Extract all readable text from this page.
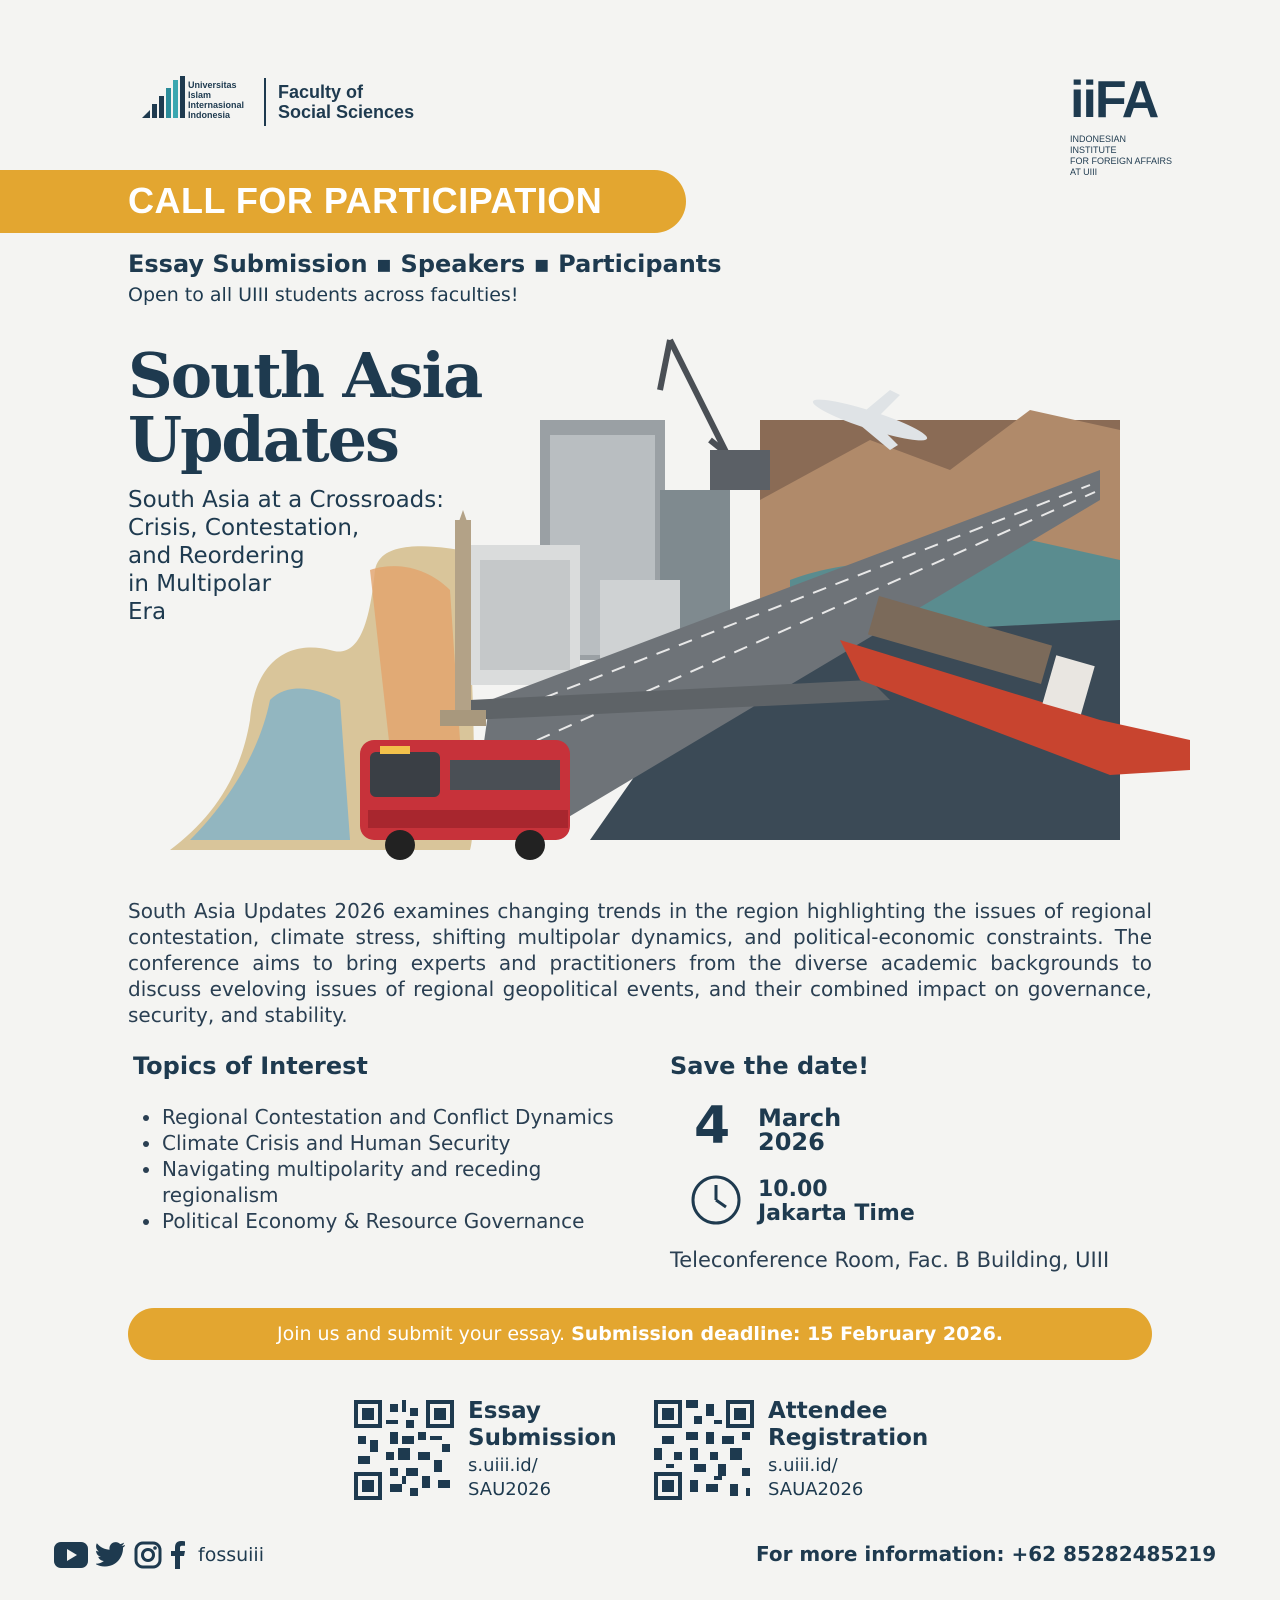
Universitas
Islam
Internasional
Indonesia
Faculty of
Social Sciences	iiFA
INDONESIAN
INSTITUTE
FOR FOREIGN AFFAIRS
AT UIII
CALL FOR PARTICIPATION
Essay Submission ▪ Speakers ▪ Participants
Open to all UIII students across faculties!
South Asia
Updates
South Asia at a Crossroads:
Crisis, Contestation,
and Reordering
in Multipolar
Era
South Asia Updates 2026 examines changing trends in the region highlighting the issues of regional contestation, climate stress, shifting multipolar dynamics, and political-economic constraints. The conference aims to bring experts and practitioners from the diverse academic backgrounds to discuss eveloving issues of regional geopolitical events, and their combined impact on governance, security, and stability.
Topics of Interest
• Regional Contestation and Conflict Dynamics
• Climate Crisis and Human Security
• Navigating multipolarity and receding regionalism
• Political Economy & Resource Governance
Save the date!
4 March
2026
10.00
Jakarta Time
Teleconference Room, Fac. B Building, UIII
Join us and submit your essay. Submission deadline: 15 February 2026.
Essay
Submission
s.uiii.id/
SAU2026
Attendee
Registration
s.uiii.id/
SAUA2026
fossuiii	For more information: +62 85282485219
